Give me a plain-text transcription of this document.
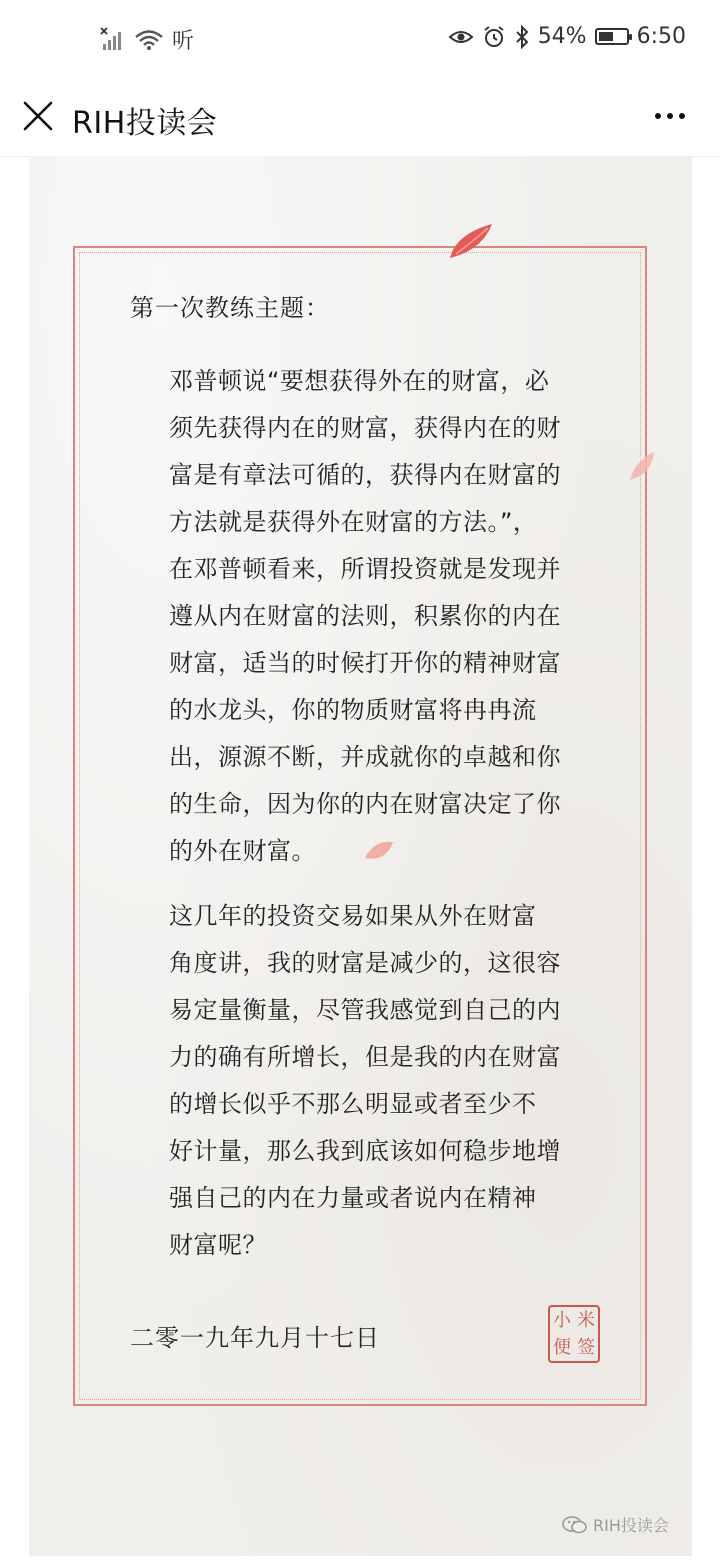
听	54% 6:50
RIH投读会
第一次教练主题：
邓普顿说“要想获得外在的财富，必
须先获得内在的财富，获得内在的财
富是有章法可循的，获得内在财富的
方法就是获得外在财富的方法。”，
在邓普顿看来，所谓投资就是发现并
遵从内在财富的法则，积累你的内在
财富，适当的时候打开你的精神财富
的水龙头，你的物质财富将冉冉流
出，源源不断，并成就你的卓越和你
的生命，因为你的内在财富决定了你
的外在财富。
这几年的投资交易如果从外在财富
角度讲，我的财富是减少的，这很容
易定量衡量，尽管我感觉到自己的内
力的确有所增长，但是我的内在财富
的增长似乎不那么明显或者至少不
好计量，那么我到底该如何稳步地增
强自己的内在力量或者说内在精神
财富呢？
二零一九年九月十七日
小 米
便 签
RIH投读会
